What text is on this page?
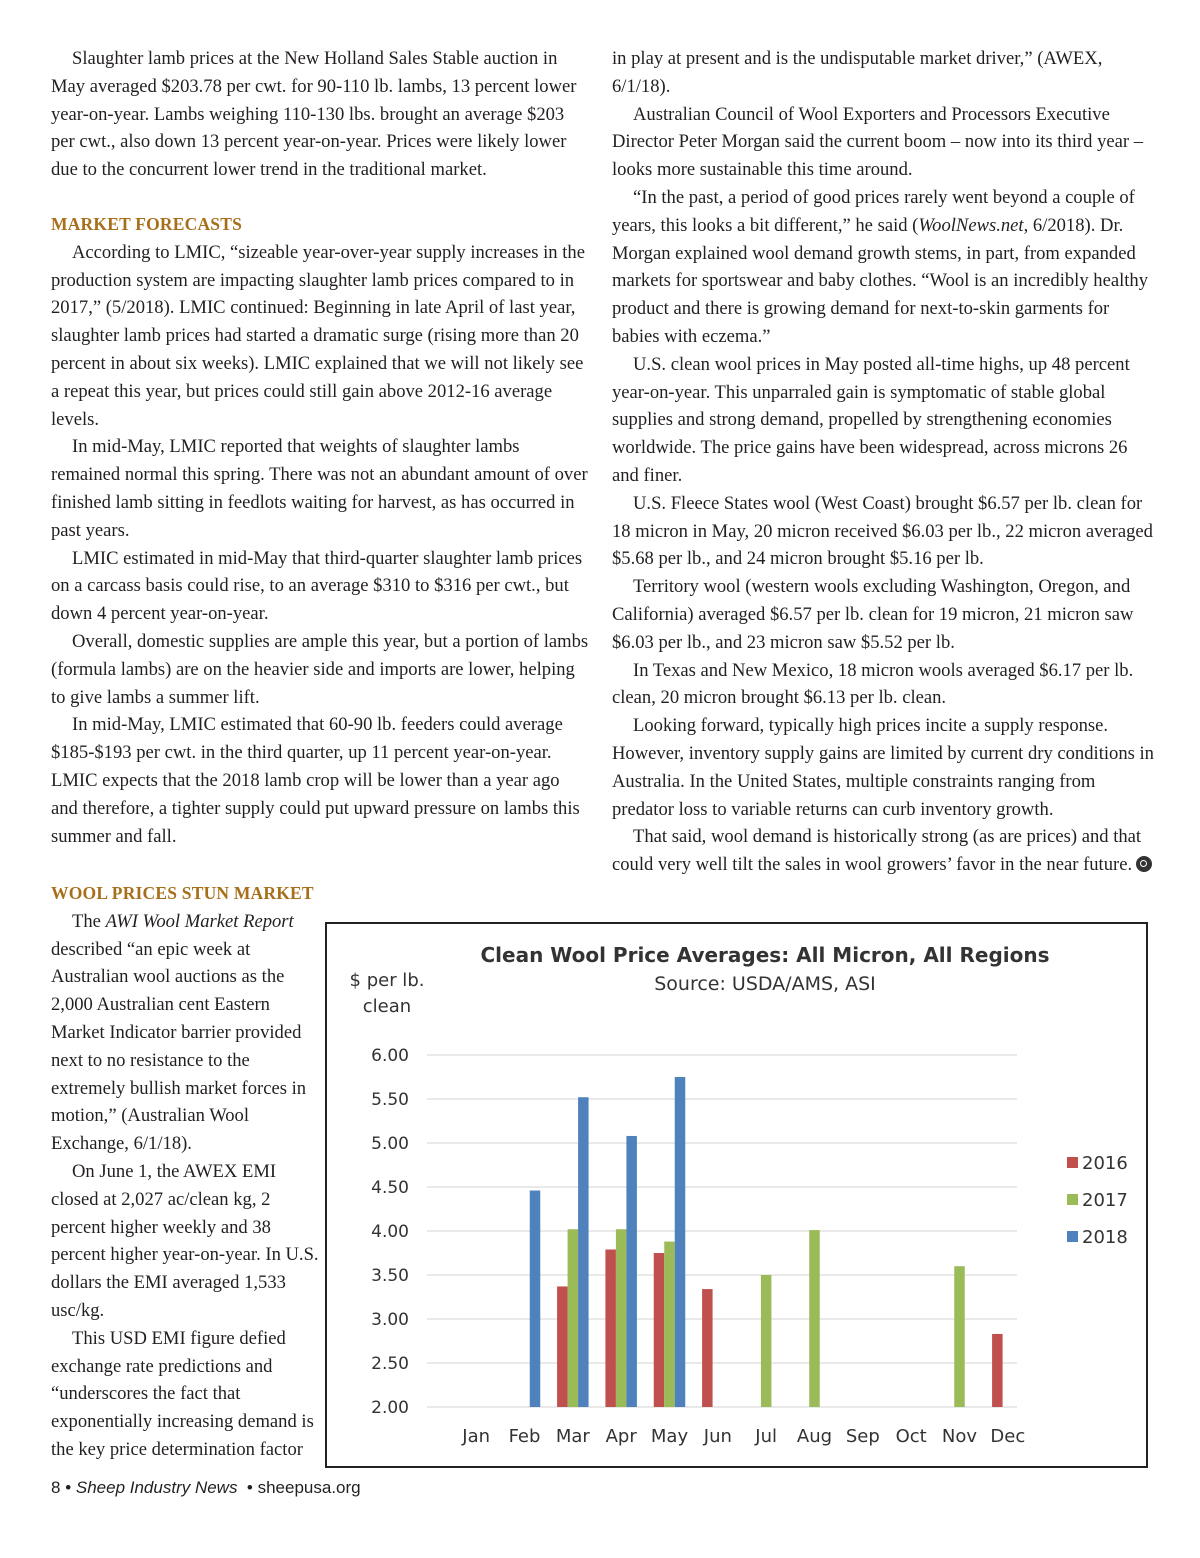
Slaughter lamb prices at the New Holland Sales Stable auction in May averaged $203.78 per cwt. for 90-110 lb. lambs, 13 percent lower year-on-year. Lambs weighing 110-130 lbs. brought an average $203 per cwt., also down 13 percent year-on-year. Prices were likely lower due to the concurrent lower trend in the traditional market.

MARKET FORECASTS

According to LMIC, “sizeable year-over-year supply increases in the production system are impacting slaughter lamb prices compared to in 2017,” (5/2018). LMIC continued: Beginning in late April of last year, slaughter lamb prices had started a dramatic surge (rising more than 20 percent in about six weeks). LMIC explained that we will not likely see a repeat this year, but prices could still gain above 2012-16 average levels.

In mid-May, LMIC reported that weights of slaughter lambs remained normal this spring. There was not an abundant amount of over finished lamb sitting in feedlots waiting for harvest, as has occurred in past years.

LMIC estimated in mid-May that third-quarter slaughter lamb prices on a carcass basis could rise, to an average $310 to $316 per cwt., but down 4 percent year-on-year.

Overall, domestic supplies are ample this year, but a portion of lambs (formula lambs) are on the heavier side and imports are lower, helping to give lambs a summer lift.

In mid-May, LMIC estimated that 60-90 lb. feeders could average $185-$193 per cwt. in the third quarter, up 11 percent year-on-year. LMIC expects that the 2018 lamb crop will be lower than a year ago and therefore, a tighter supply could put upward pressure on lambs this summer and fall.

WOOL PRICES STUN MARKET

The AWI Wool Market Report described “an epic week at Australian wool auctions as the 2,000 Australian cent Eastern Market Indicator barrier provided next to no resistance to the extremely bullish market forces in motion,” (Australian Wool Exchange, 6/1/18).

On June 1, the AWEX EMI closed at 2,027 ac/clean kg, 2 percent higher weekly and 38 percent higher year-on-year. In U.S. dollars the EMI averaged 1,533 usc/kg.

This USD EMI figure defied exchange rate predictions and “underscores the fact that exponentially increasing demand is the key price determination factor

in play at present and is the undisputable market driver,” (AWEX, 6/1/18).

Australian Council of Wool Exporters and Processors Executive Director Peter Morgan said the current boom – now into its third year – looks more sustainable this time around.

“In the past, a period of good prices rarely went beyond a couple of years, this looks a bit different,” he said (WoolNews.net, 6/2018). Dr. Morgan explained wool demand growth stems, in part, from expanded markets for sportswear and baby clothes. “Wool is an incredibly healthy product and there is growing demand for next-to-skin garments for babies with eczema.”

U.S. clean wool prices in May posted all-time highs, up 48 percent year-on-year. This unparraled gain is symptomatic of stable global supplies and strong demand, propelled by strengthening economies worldwide. The price gains have been widespread, across microns 26 and finer.

U.S. Fleece States wool (West Coast) brought $6.57 per lb. clean for 18 micron in May, 20 micron received $6.03 per lb., 22 micron averaged $5.68 per lb., and 24 micron brought $5.16 per lb.

Territory wool (western wools excluding Washington, Oregon, and California) averaged $6.57 per lb. clean for 19 micron, 21 micron saw $6.03 per lb., and 23 micron saw $5.52 per lb.

In Texas and New Mexico, 18 micron wools averaged $6.17 per lb. clean, 20 micron brought $6.13 per lb. clean.

Looking forward, typically high prices incite a supply response. However, inventory supply gains are limited by current dry conditions in Australia. In the United States, multiple constraints ranging from predator loss to variable returns can curb inventory growth.

That said, wool demand is historically strong (as are prices) and that could very well tilt the sales in wool growers’ favor in the near future.

Clean Wool Price Averages: All Micron, All Regions
Source: USDA/AMS, ASI
$ per lb.
clean
2.00
2.50
3.00
3.50
4.00
4.50
5.00
5.50
6.00
Jan Feb Mar Apr May Jun Jul Aug Sep Oct Nov Dec
2016
2017
2018
8 • Sheep Industry News  • sheepusa.org
